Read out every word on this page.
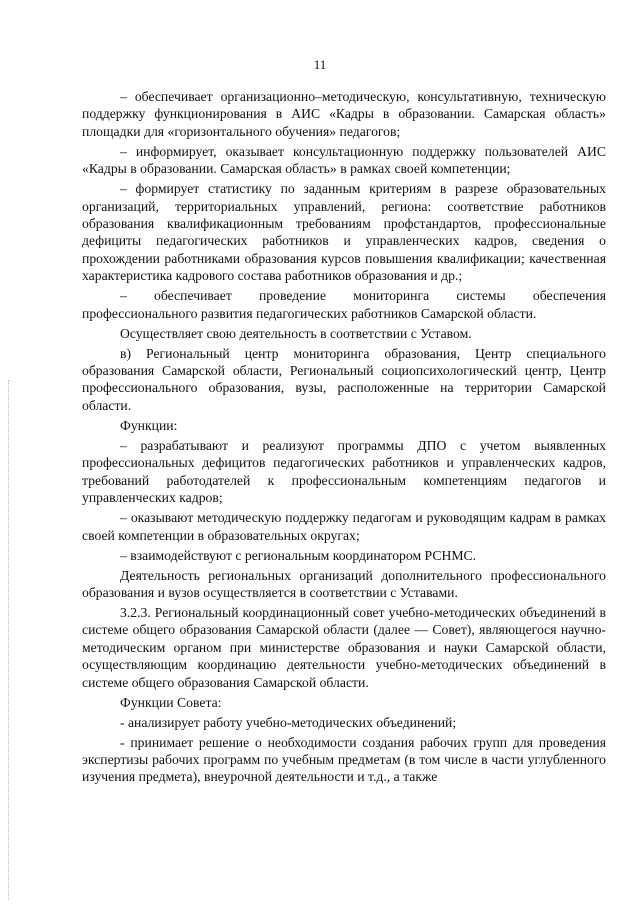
11

– обеспечивает организационно–методическую, консультативную, техническую поддержку функционирования в АИС «Кадры в образовании. Самарская область» площадки для «горизонтального обучения» педагогов;

– информирует, оказывает консультационную поддержку пользователей АИС «Кадры в образовании. Самарская область» в рамках своей компетенции;

– формирует статистику по заданным критериям в разрезе образовательных организаций, территориальных управлений, региона: соответствие работников образования квалификационным требованиям профстандартов, профессиональные дефициты педагогических работников и управленческих кадров, сведения о прохождении работниками образования курсов повышения квалификации; качественная характеристика кадрового состава работников образования и др.;

– обеспечивает проведение мониторинга системы обеспечения профессионального развития педагогических работников Самарской области.

Осуществляет свою деятельность в соответствии с Уставом.

в) Региональный центр мониторинга образования, Центр специального образования Самарской области, Региональный социопсихологический центр, Центр профессионального образования, вузы, расположенные на территории Самарской области.

Функции:

– разрабатывают и реализуют программы ДПО с учетом выявленных профессиональных дефицитов педагогических работников и управленческих кадров, требований работодателей к профессиональным компетенциям педагогов и управленческих кадров;

– оказывают методическую поддержку педагогам и руководящим кадрам в рамках своей компетенции в образовательных округах;

– взаимодействуют с региональным координатором РСНМС.

Деятельность региональных организаций дополнительного профессионального образования и вузов осуществляется в соответствии с Уставами.

3.2.3. Региональный координационный совет учебно-методических объединений в системе общего образования Самарской области (далее — Совет), являющегося научно-методическим органом при министерстве образования и науки Самарской области, осуществляющим координацию деятельности учебно-методических объединений в системе общего образования Самарской области.

Функции Совета:

- анализирует работу учебно-методических объединений;

- принимает решение о необходимости создания рабочих групп для проведения экспертизы рабочих программ по учебным предметам (в том числе в части углубленного изучения предмета), внеурочной деятельности и т.д., а также
